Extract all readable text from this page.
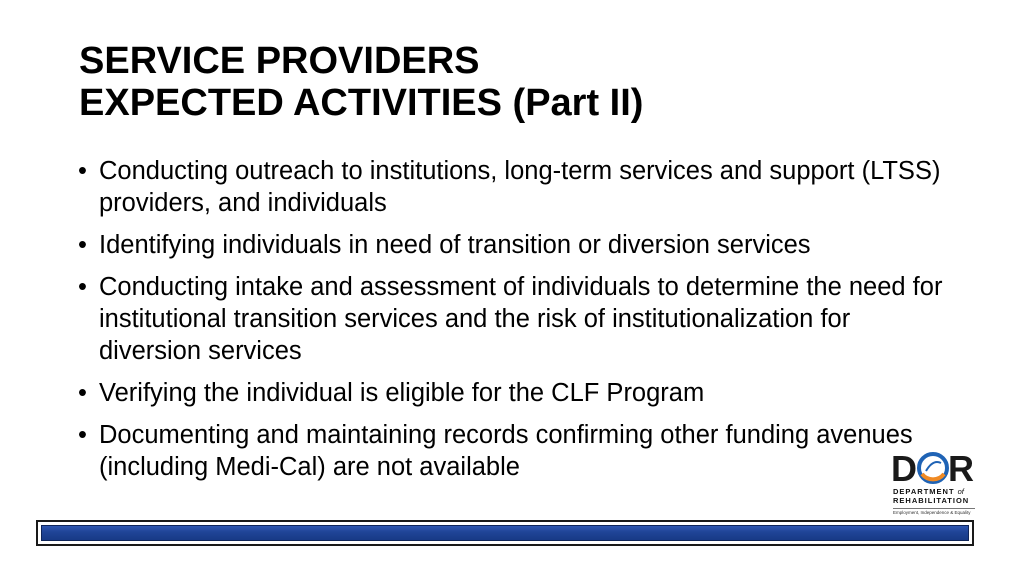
SERVICE PROVIDERS
EXPECTED ACTIVITIES (Part II)
• Conducting outreach to institutions, long-term services and support (LTSS) providers, and individuals
• Identifying individuals in need of transition or diversion services
• Conducting intake and assessment of individuals to determine the need for institutional transition services and the risk of institutionalization for diversion services
• Verifying the individual is eligible for the CLF Program
• Documenting and maintaining records confirming other funding avenues (including Medi-Cal) are not available	D R
DEPARTMENT of
REHABILITATION
Employment, Independence & Equality
